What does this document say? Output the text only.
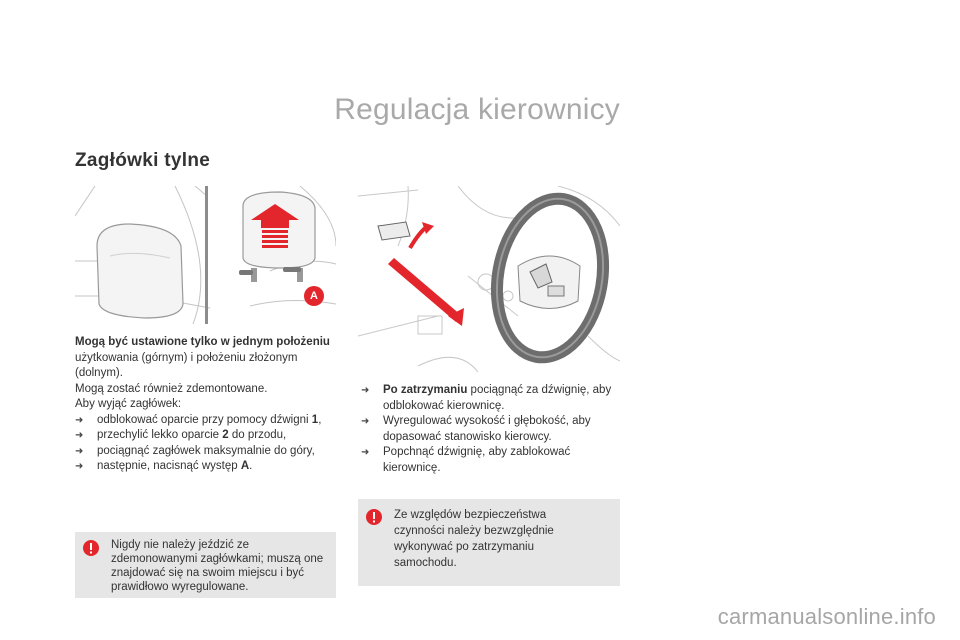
Regulacja kierownicy
Zagłówki tylne
A

Mogą być ustawione tylko w jednym położeniu

użytkowania (górnym) i położeniu złożonym (dolnym).

Mogą zostać również zdemontowane.

Aby wyjąć zagłówek:

➜ odblokować oparcie przy pomocy dźwigni 1,
➜ przechylić lekko oparcie 2 do przodu,
➜ pociągnąć zagłówek maksymalnie do góry,
➜ następnie, nacisnąć występ A.
➜ Po zatrzymaniu pociągnąć za dźwignię, aby odblokować kierownicę.
➜ Wyregulować wysokość i głębokość, aby dopasować stanowisko kierowcy.
➜ Popchnąć dźwignię, aby zablokować kierownicę.
Nigdy nie należy jeździć ze zdemonowanymi zagłówkami; muszą one znajdować się na swoim miejscu i być prawidłowo wyregulowane.
Ze względów bezpieczeństwa czynności należy bezwzględnie wykonywać po zatrzymaniu samochodu.
carmanualsonline.info
